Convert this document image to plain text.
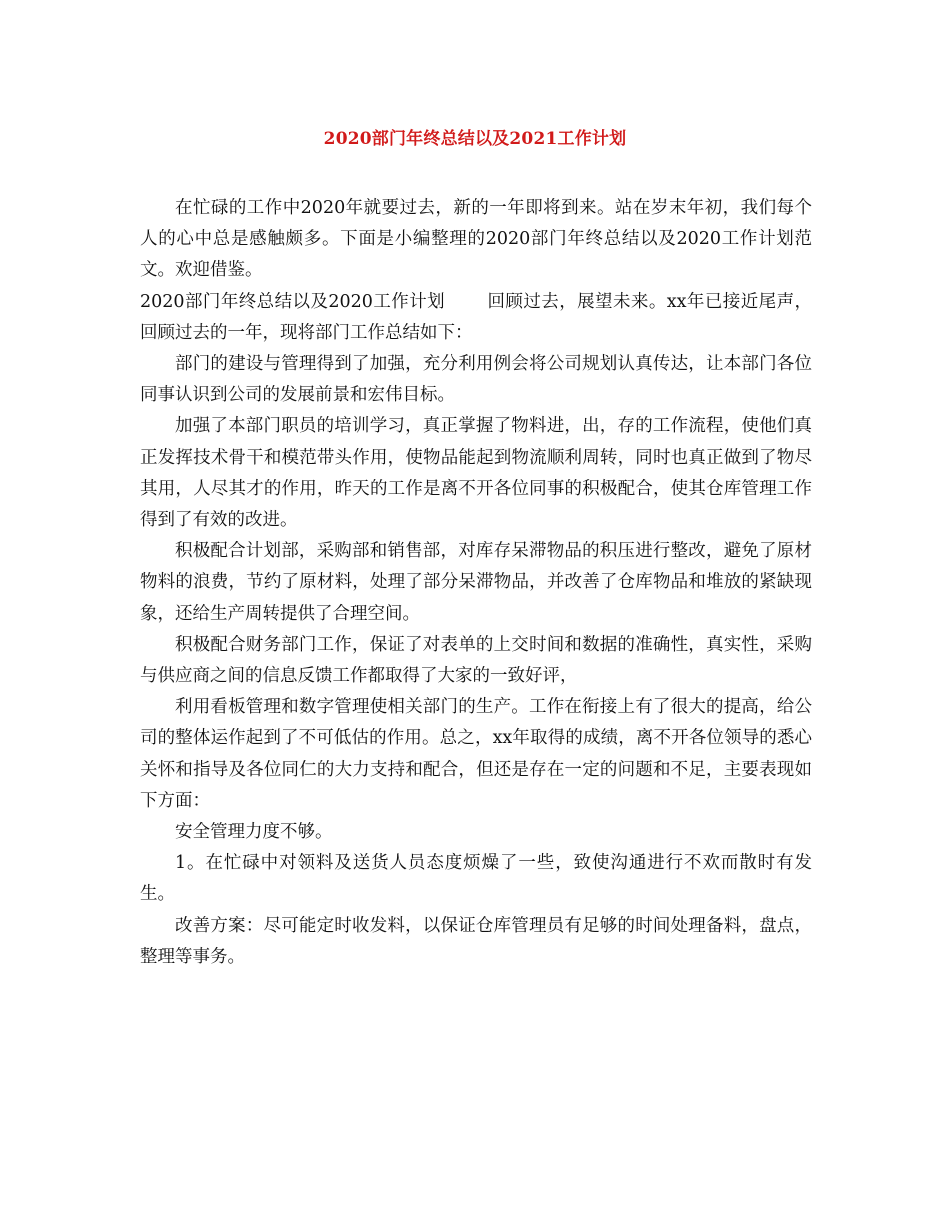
2020部门年终总结以及2021工作计划

在忙碌的工作中2020年就要过去，新的一年即将到来。站在岁末年初，我们每个人的心中总是感触颇多。下面是小编整理的2020部门年终总结以及2020工作计划范文。欢迎借鉴。

2020部门年终总结以及2020工作计划 回顾过去，展望未来。xx年已接近尾声，回顾过去的一年，现将部门工作总结如下：

部门的建设与管理得到了加强，充分利用例会将公司规划认真传达，让本部门各位同事认识到公司的发展前景和宏伟目标。

加强了本部门职员的培训学习，真正掌握了物料进，出，存的工作流程，使他们真正发挥技术骨干和模范带头作用，使物品能起到物流顺利周转，同时也真正做到了物尽其用，人尽其才的作用，昨天的工作是离不开各位同事的积极配合，使其仓库管理工作得到了有效的改进。

积极配合计划部，采购部和销售部，对库存呆滞物品的积压进行整改，避免了原材物料的浪费，节约了原材料，处理了部分呆滞物品，并改善了仓库物品和堆放的紧缺现象，还给生产周转提供了合理空间。

积极配合财务部门工作，保证了对表单的上交时间和数据的准确性，真实性，采购与供应商之间的信息反馈工作都取得了大家的一致好评，

利用看板管理和数字管理使相关部门的生产。工作在衔接上有了很大的提高，给公司的整体运作起到了不可低估的作用。总之，xx年取得的成绩，离不开各位领导的悉心关怀和指导及各位同仁的大力支持和配合，但还是存在一定的问题和不足，主要表现如下方面：

安全管理力度不够。

1。在忙碌中对领料及送货人员态度烦燥了一些，致使沟通进行不欢而散时有发生。

改善方案：尽可能定时收发料，以保证仓库管理员有足够的时间处理备料，盘点，整理等事务。
